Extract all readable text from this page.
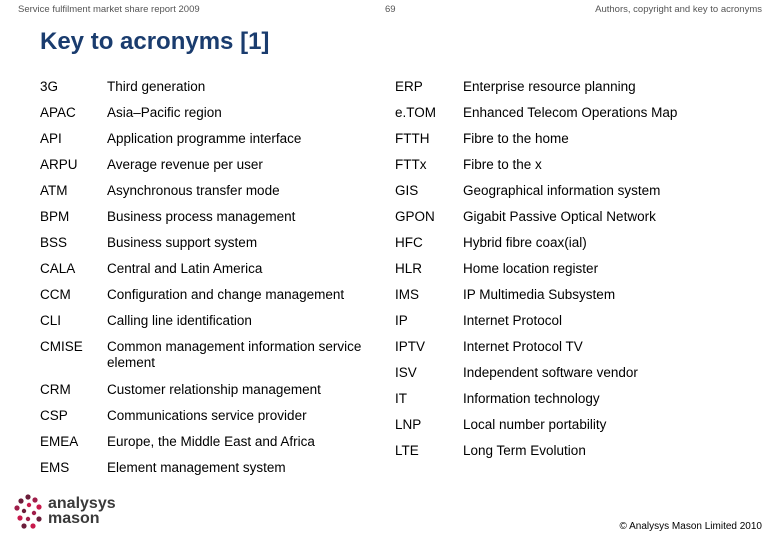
Service fulfilment market share report 2009	69	Authors, copyright and key to acronyms
Key to acronyms [1]
3G	Third generation
APAC Asia–Pacific region
API	Application programme interface
ARPU Average revenue per user
ATM	Asynchronous transfer mode
BPM	Business process management
BSS	Business support system
CALA Central and Latin America
CCM	Configuration and change management
CLI	Calling line identification
CMISE Common management information service element
CRM	Customer relationship management
CSP	Communications service provider
EMEA Europe, the Middle East and Africa
EMS	Element management system
ERP	Enterprise resource planning
e.TOM Enhanced Telecom Operations Map
FTTH Fibre to the home
FTTx	Fibre to the x
GIS	Geographical information system
GPON Gigabit Passive Optical Network
HFC	Hybrid fibre coax(ial)
HLR	Home location register
IMS	IP Multimedia Subsystem
IP	Internet Protocol
IPTV	Internet Protocol TV
ISV	Independent software vendor
IT	Information technology
LNP	Local number portability
LTE	Long Term Evolution
analysys
mason	© Analysys Mason Limited 2010
